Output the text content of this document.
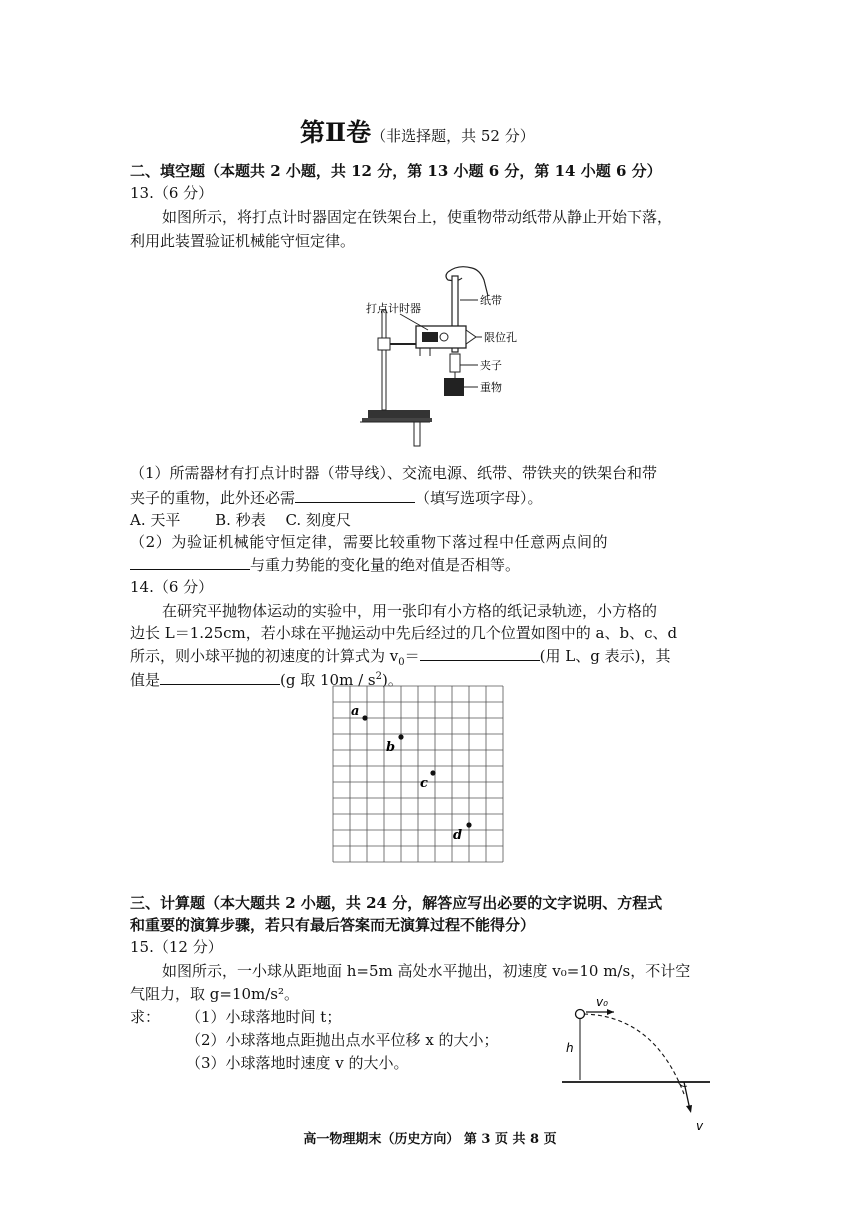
第Ⅱ卷（非选择题，共 52 分）
二、填空题（本题共 2 小题，共 12 分，第 13 小题 6 分，第 14 小题 6 分）
13.（6 分）
如图所示，将打点计时器固定在铁架台上，使重物带动纸带从静止开始下落，
利用此装置验证机械能守恒定律。
打点计时器
纸带
限位孔
夹子
重物
（1）所需器材有打点计时器（带导线）、交流电源、纸带、带铁夹的铁架台和带
夹子的重物，此外还必需	（填写选项字母）。
A. 天平　 　B. 秒表 　C. 刻度尺
（2）为验证机械能守恒定律，需要比较重物下落过程中任意两点间的
与重力势能的变化量的绝对值是否相等。
14.（6 分）
在研究平抛物体运动的实验中，用一张印有小方格的纸记录轨迹，小方格的
边长 L＝1.25cm，若小球在平抛运动中先后经过的几个位置如图中的 a、b、c、d
所示，则小球平抛的初速度的计算式为 $v_0=$	(用 L、g 表示)，其
值是	(g 取 $10m / s^2$)。
a
b
c
d
三、计算题（本大题共 2 小题，共 24 分，解答应写出必要的文字说明、方程式
和重要的演算步骤，若只有最后答案而无演算过程不能得分）
15.（12 分）
如图所示，一小球从距地面 h=5m 高处水平抛出，初速度 v₀=10 m/s，不计空
气阻力，取 g=10m/s²。
求： （1）小球落地时间 t；
（2）小球落地点距抛出点水平位移 x 的大小；
（3）小球落地时速度 v 的大小。
v₀
h
v
高一物理期末（历史方向） 第 3 页 共 8 页
